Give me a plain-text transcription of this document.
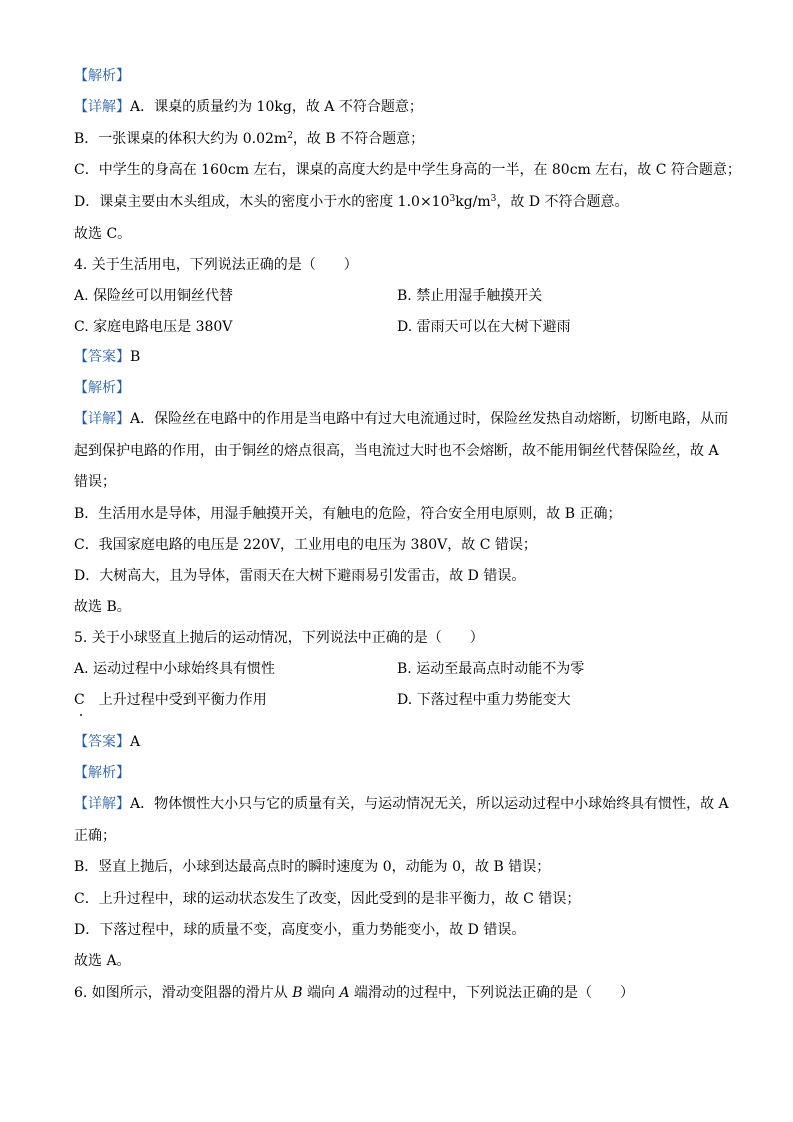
【解析】
【详解】A．课桌的质量约为 10kg，故 A 不符合题意；
B．一张课桌的体积大约为 $0.02m^2$，故 B 不符合题意；
C．中学生的身高在 160cm 左右，课桌的高度大约是中学生身高的一半，在 80cm 左右，故 C 符合题意；
D．课桌主要由木头组成，木头的密度小于水的密度 $1.0\times 10^3kg/m^3$，故 D 不符合题意。
故选 C。
4. 关于生活用电，下列说法正确的是（　　）
A. 保险丝可以用铜丝代替	B. 禁止用湿手触摸开关
C. 家庭电路电压是 380V	D. 雷雨天可以在大树下避雨
【答案】B
【解析】
【详解】A．保险丝在电路中的作用是当电路中有过大电流通过时，保险丝发热自动熔断，切断电路，从而
起到保护电路的作用，由于铜丝的熔点很高，当电流过大时也不会熔断，故不能用铜丝代替保险丝，故 A
错误；
B．生活用水是导体，用湿手触摸开关，有触电的危险，符合安全用电原则，故 B 正确；
C．我国家庭电路的电压是 220V，工业用电的电压为 380V，故 C 错误；
D．大树高大，且为导体，雷雨天在大树下避雨易引发雷击，故 D 错误。
故选 B。
5. 关于小球竖直上抛后的运动情况，下列说法中正确的是（　　）
A. 运动过程中小球始终具有惯性	B. 运动至最高点时动能不为零
C　上升过程中受到平衡力作用	D. 下落过程中重力势能变大
【答案】A
【解析】
【详解】A．物体惯性大小只与它的质量有关，与运动情况无关，所以运动过程中小球始终具有惯性，故 A
正确；
B．竖直上抛后，小球到达最高点时的瞬时速度为 0，动能为 0，故 B 错误；
C．上升过程中，球的运动状态发生了改变，因此受到的是非平衡力，故 C 错误；
D．下落过程中，球的质量不变，高度变小，重力势能变小，故 D 错误。
故选 A。
6. 如图所示，滑动变阻器的滑片从 B 端向 A 端滑动的过程中，下列说法正确的是（　　）
